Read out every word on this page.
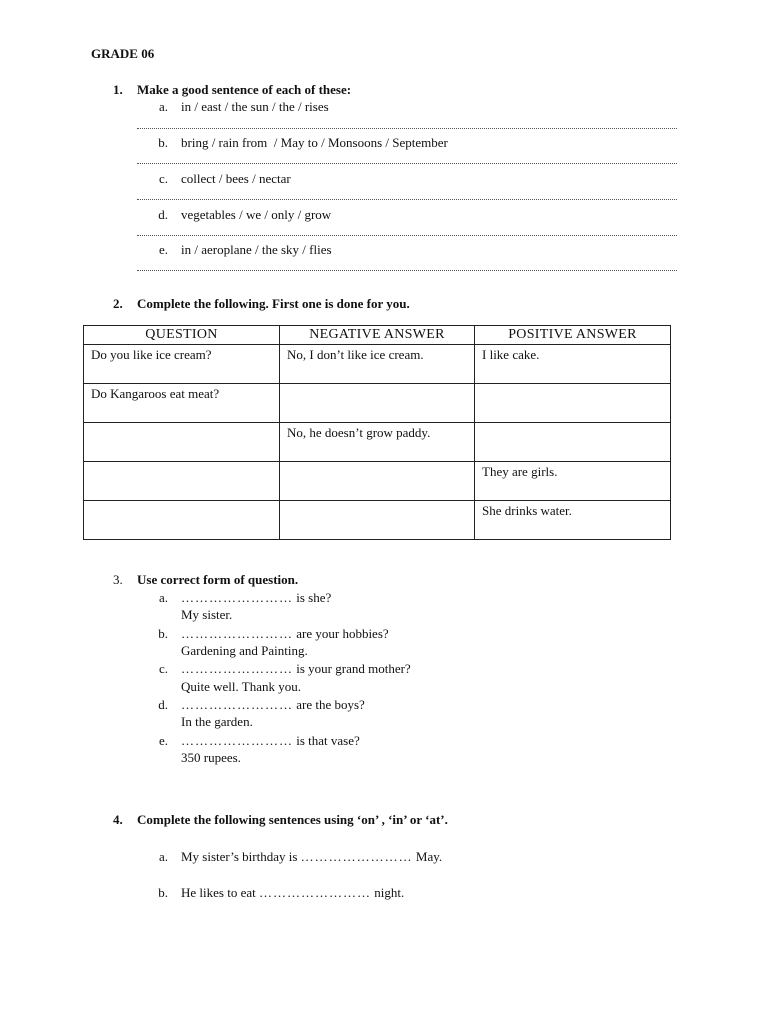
GRADE 06
1. Make a good sentence of each of these:
a. in / east / the sun / the / rises
b. bring / rain from  / May to / Monsoons / September
c. collect / bees / nectar
d. vegetables / we / only / grow
e. in / aeroplane / the sky / flies
2. Complete the following. First one is done for you.
QUESTION	NEGATIVE ANSWER	POSITIVE ANSWER
Do you like ice cream?	No, I don’t like ice cream.	I like cake.
Do Kangaroos eat meat?		
	No, he doesn’t grow paddy.	
		They are girls.
		She drinks water.
3. Use correct form of question.
a. …………………… is she?
My sister.
b. …………………… are your hobbies?
Gardening and Painting.
c. …………………… is your grand mother?
Quite well. Thank you.
d. …………………… are the boys?
In the garden.
e. …………………… is that vase?
350 rupees.
4. Complete the following sentences using ‘on’ , ‘in’ or ‘at’.
a. My sister’s birthday is …………………… May.
b. He likes to eat …………………… night.
